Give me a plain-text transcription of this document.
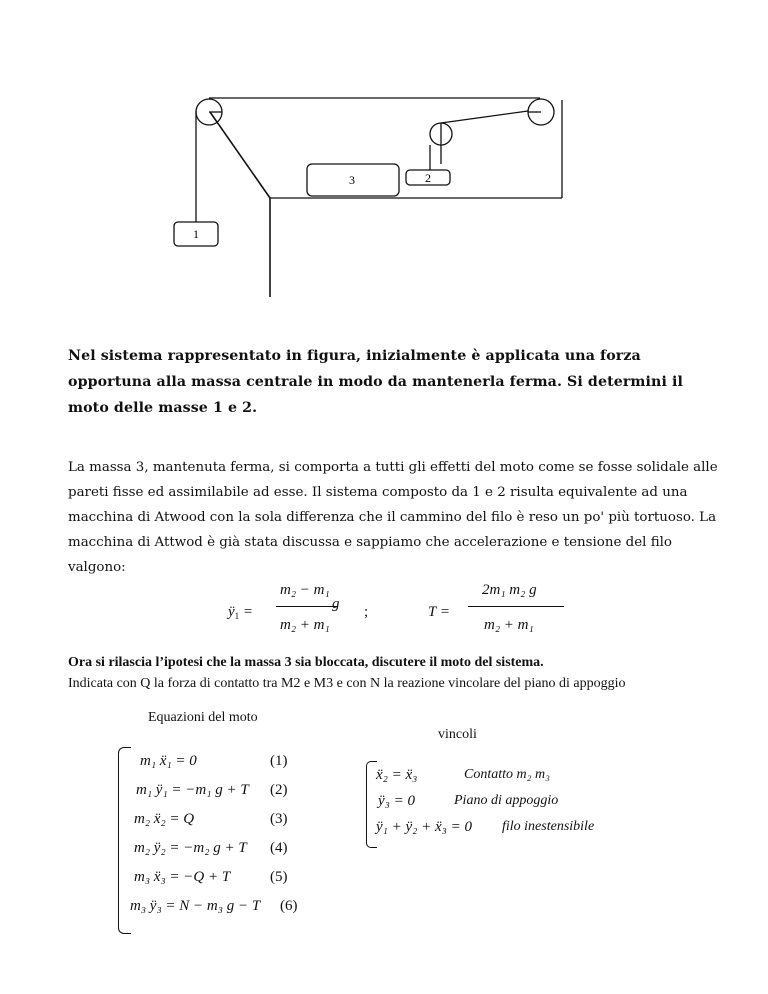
3	2
1
Nel sistema rappresentato in figura, inizialmente è applicata una forza opportuna alla massa centrale in modo da mantenerla ferma. Si determini il moto delle masse 1 e 2.
La massa 3, mantenuta ferma, si comporta a tutti gli effetti del moto come se fosse solidale alle pareti fisse ed assimilabile ad esse. Il sistema composto da 1 e 2 risulta equivalente ad una macchina di Atwood con la sola differenza che il cammino del filo è reso un po' più tortuoso. La macchina di Attwod è già stata discussa e sappiamo che accelerazione e tensione del filo valgono:
$ÿ_1$ =
m₂ − m₁
m₂ + m₁
g ;	T =
2m₁ m₂ g
m₂ + m₁
Ora si rilascia l’ipotesi che la massa 3 sia bloccata, discutere il moto del sistema.
Indicata con Q la forza di contatto tra M2 e M3 e con N la reazione vincolare del piano di appoggio
Equazioni del moto
vincoli
m₁ ẍ₁ = 0	(1)
m₁ ÿ₁ = −m₁ g + T (2)
m₂ ẍ₂ = Q	(3)
m₂ ÿ₂ = −m₂ g + T (4)
m₃ ẍ₃ = −Q + T	(5)
m₃ ÿ₃ = N − m₃ g − T (6)
ẍ₂ = ẍ₃	Contatto m₂ m₃
ÿ₃ = 0	Piano di appoggio
ÿ₁ + ÿ₂ + ẍ₃ = 0 filo inestensibile
